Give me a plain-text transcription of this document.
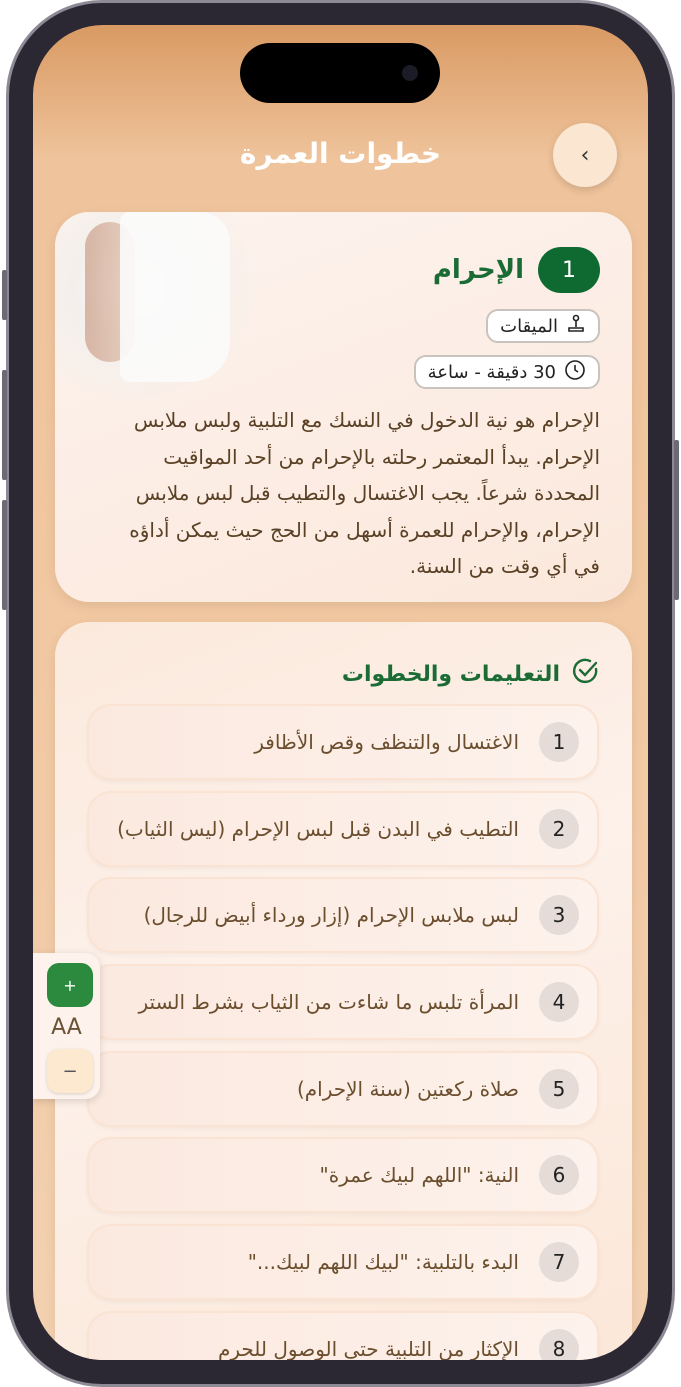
خطوات العمرة	‹
1
الإحرام
الميقات
30 دقيقة - ساعة
الإحرام هو نية الدخول في النسك مع التلبية ولبس ملابس الإحرام. يبدأ المعتمر رحلته بالإحرام من أحد المواقيت المحددة شرعاً. يجب الاغتسال والتطيب قبل لبس ملابس الإحرام، والإحرام للعمرة أسهل من الحج حيث يمكن أداؤه في أي وقت من السنة.
التعليمات والخطوات
1
الاغتسال والتنظف وقص الأظافر
2
التطيب في البدن قبل لبس الإحرام (ليس الثياب)
3
لبس ملابس الإحرام (إزار ورداء أبيض للرجال)
4
المرأة تلبس ما شاءت من الثياب بشرط الستر
5
صلاة ركعتين (سنة الإحرام)
6
النية: "اللهم لبيك عمرة"
7
البدء بالتلبية: "لبيك اللهم لبيك..."
8
الإكثار من التلبية حتى الوصول للحرم
+
AA
−
